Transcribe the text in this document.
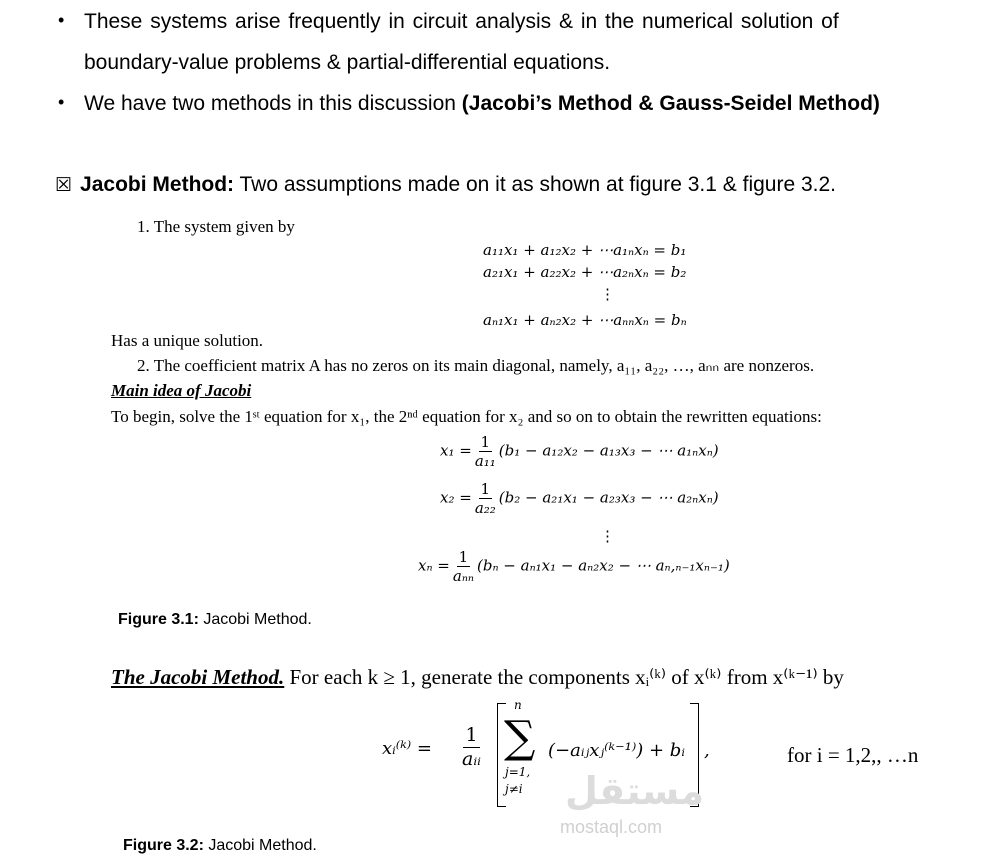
• These systems arise frequently in circuit analysis & in the numerical solution of
boundary-value problems & partial-differential equations.
• We have two methods in this discussion (Jacobi’s Method & Gauss-Seidel Method)
☒ Jacobi Method: Two assumptions made on it as shown at figure 3.1 & figure 3.2.
1. The system given by
a₁₁x₁ + a₁₂x₂ + ⋯a₁ₙxₙ = b₁
a₂₁x₁ + a₂₂x₂ + ⋯a₂ₙxₙ = b₂
⋮
aₙ₁x₁ + aₙ₂x₂ + ⋯aₙₙxₙ = bₙ
Has a unique solution.
2. The coefficient matrix A has no zeros on its main diagonal, namely, a₁₁, a₂₂, …, aₙₙ are nonzeros.
Main idea of Jacobi
To begin, solve the 1ˢᵗ equation for x₁, the 2ⁿᵈ equation for x₂ and so on to obtain the rewritten equations:
$x_1 = \frac{1}{\text{a₁₁}} (b_1 - a_{12}x_2 - a_{13}x_3$ − ⋯ a₁ₙxₙ)
$x_2 = \frac{1}{\text{a₂₂}} (b_2 - a_{21}x_1 - a_{23}x_3$ − ⋯ a₂ₙxₙ)
⋮
$x_n = \frac{1}{\text{aₙₙ}} (b_n - a_{n1}x_1 - a_{n2}x_2$ − ⋯ aₙ,ₙ₋₁xₙ₋₁)
Figure 3.1: Jacobi Method.
The Jacobi Method. For each k ≥ 1, generate the components xᵢ⁽ᵏ⁾ of x⁽ᵏ⁾ from x⁽ᵏ⁻¹⁾ by
xᵢ⁽ᵏ⁾ =
1
aᵢᵢ
n
∑
j=1,
j≠i
(−aᵢⱼxⱼ⁽ᵏ⁻¹⁾) + bᵢ ,	for i = 1,2,, …n
مستقل
mostaql.com
Figure 3.2: Jacobi Method.
